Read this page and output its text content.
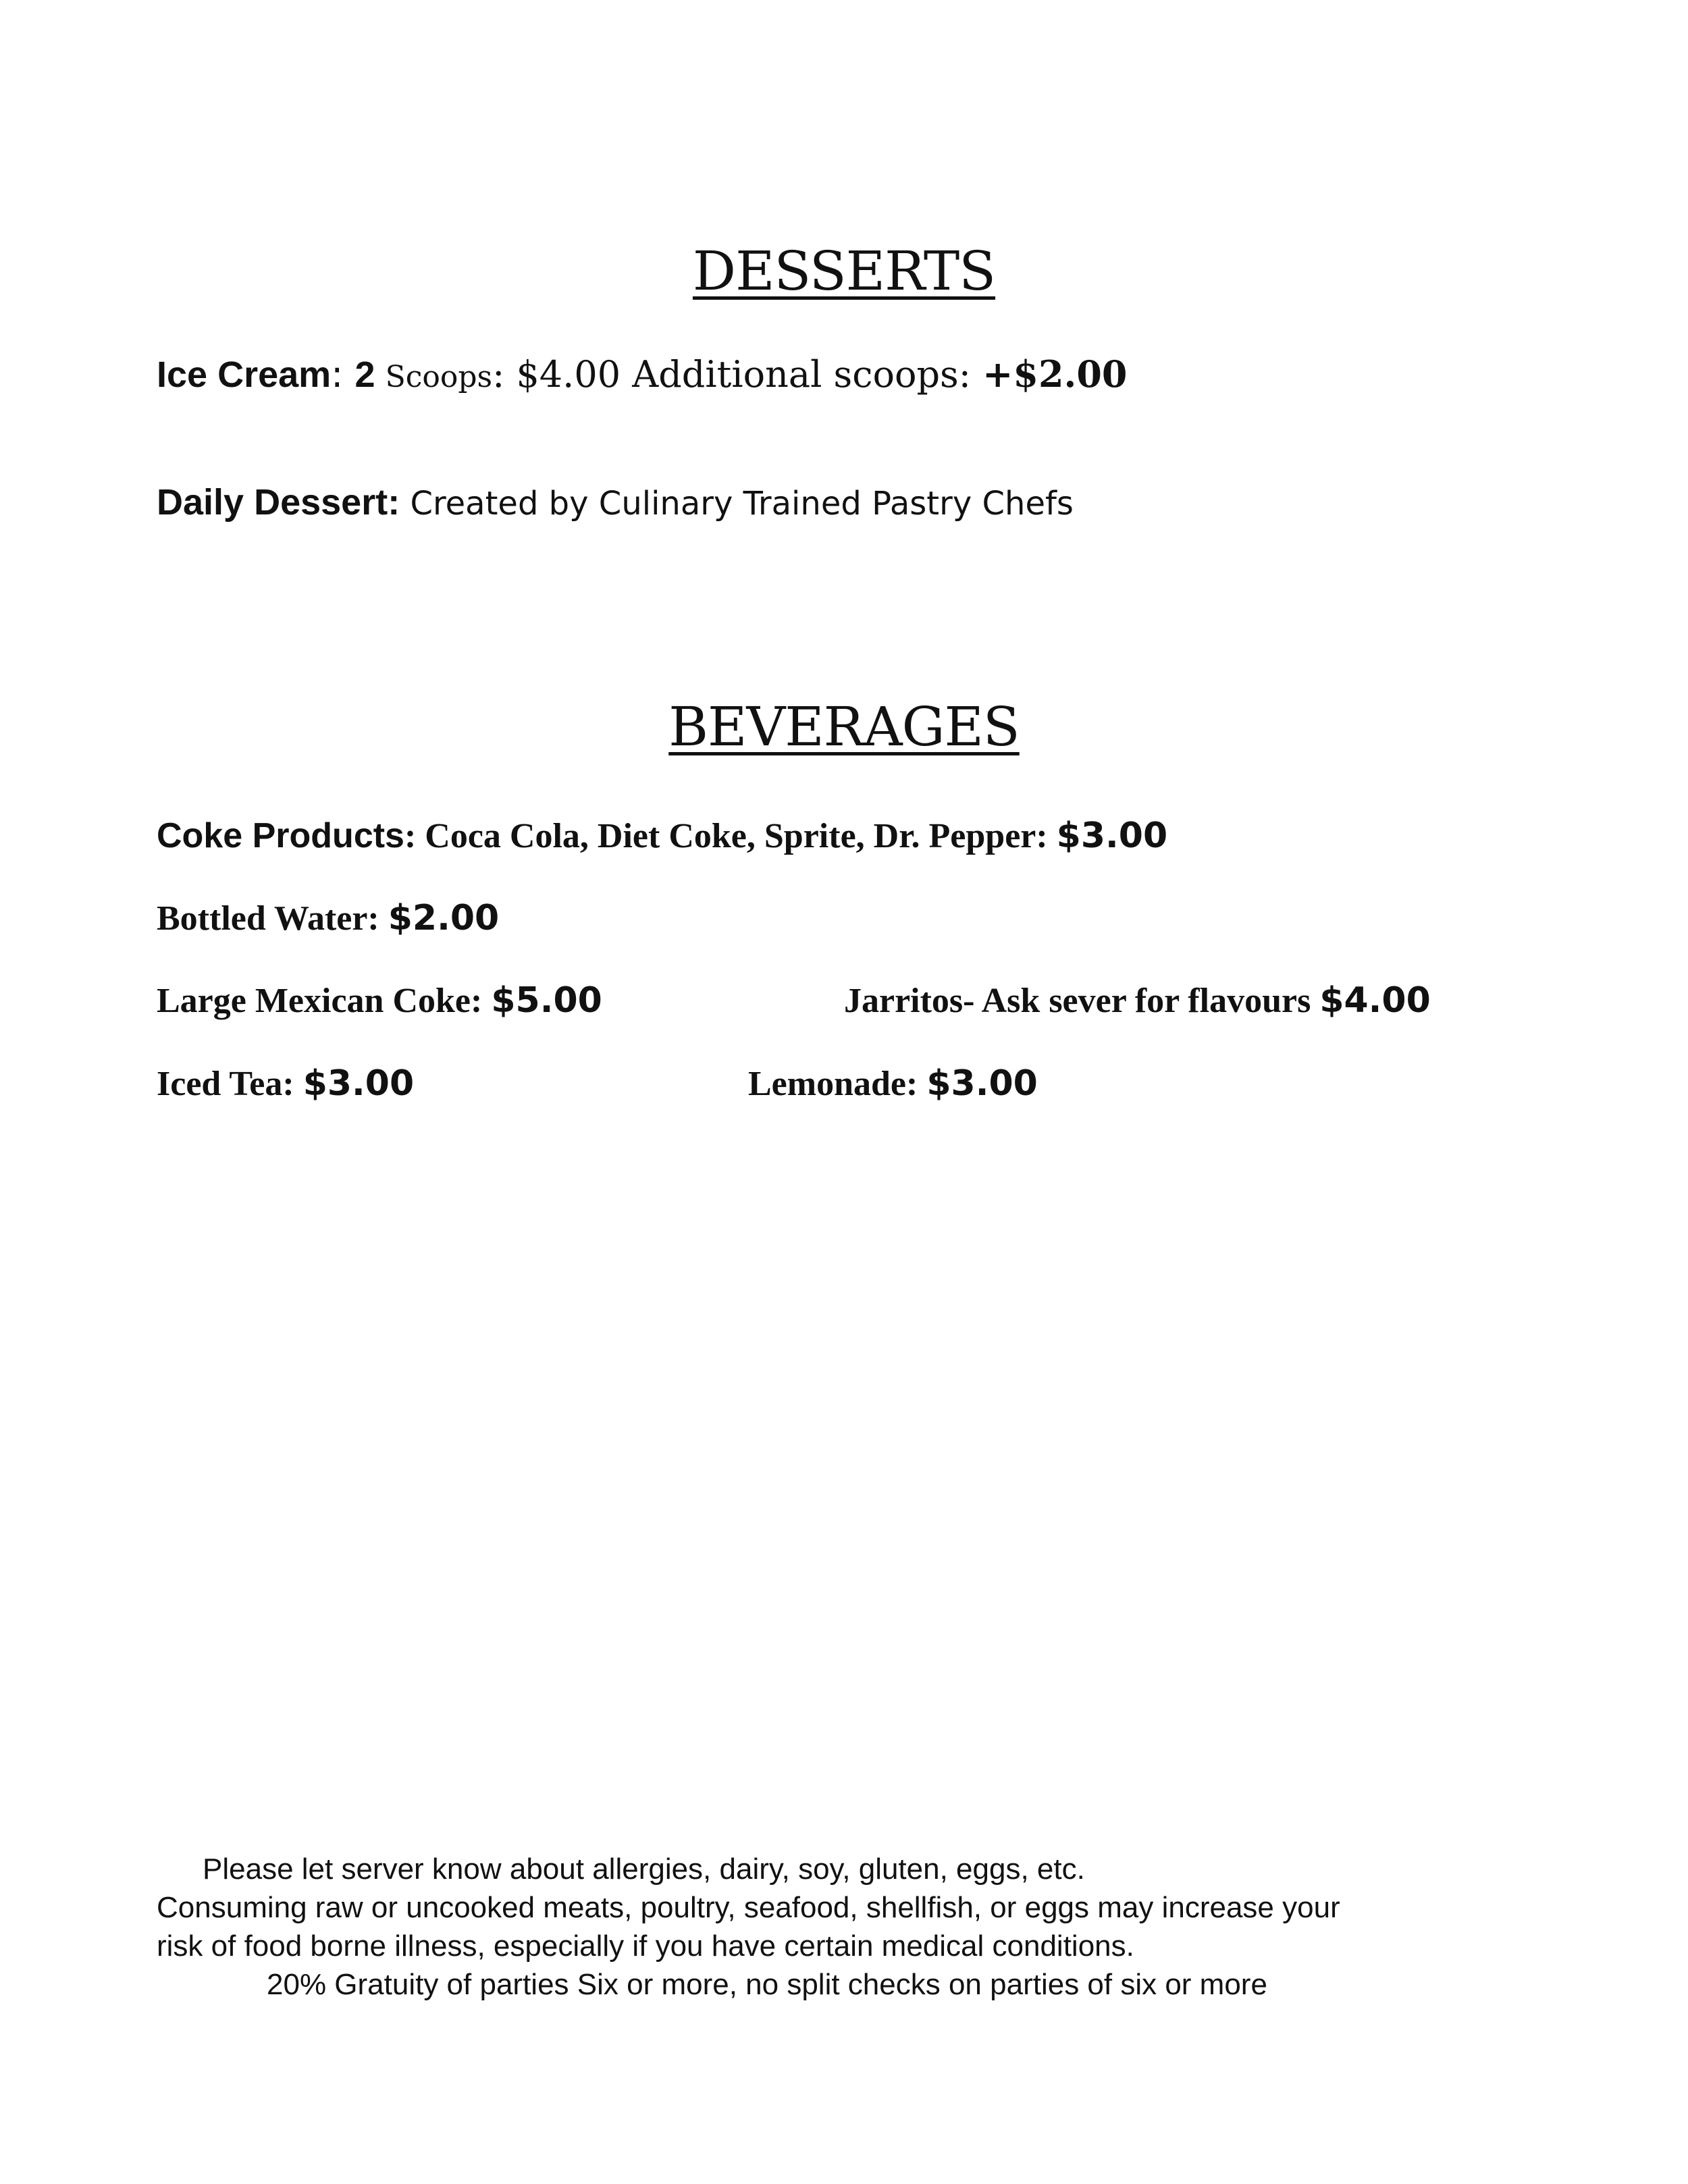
DESSERTS
Ice Cream: 2 Scoops: $4.00 Additional scoops: +$2.00
Daily Dessert: Created by Culinary Trained Pastry Chefs
BEVERAGES
Coke Products: Coca Cola, Diet Coke, Sprite, Dr. Pepper: $3.00
Bottled Water: $2.00
Large Mexican Coke: $5.00	Jarritos- Ask sever for flavours $4.00
Iced Tea: $3.00	Lemonade: $3.00
Please let server know about allergies, dairy, soy, gluten, eggs, etc.
Consuming raw or uncooked meats, poultry, seafood, shellfish, or eggs may increase your
risk of food borne illness, especially if you have certain medical conditions.
20% Gratuity of parties Six or more, no split checks on parties of six or more
